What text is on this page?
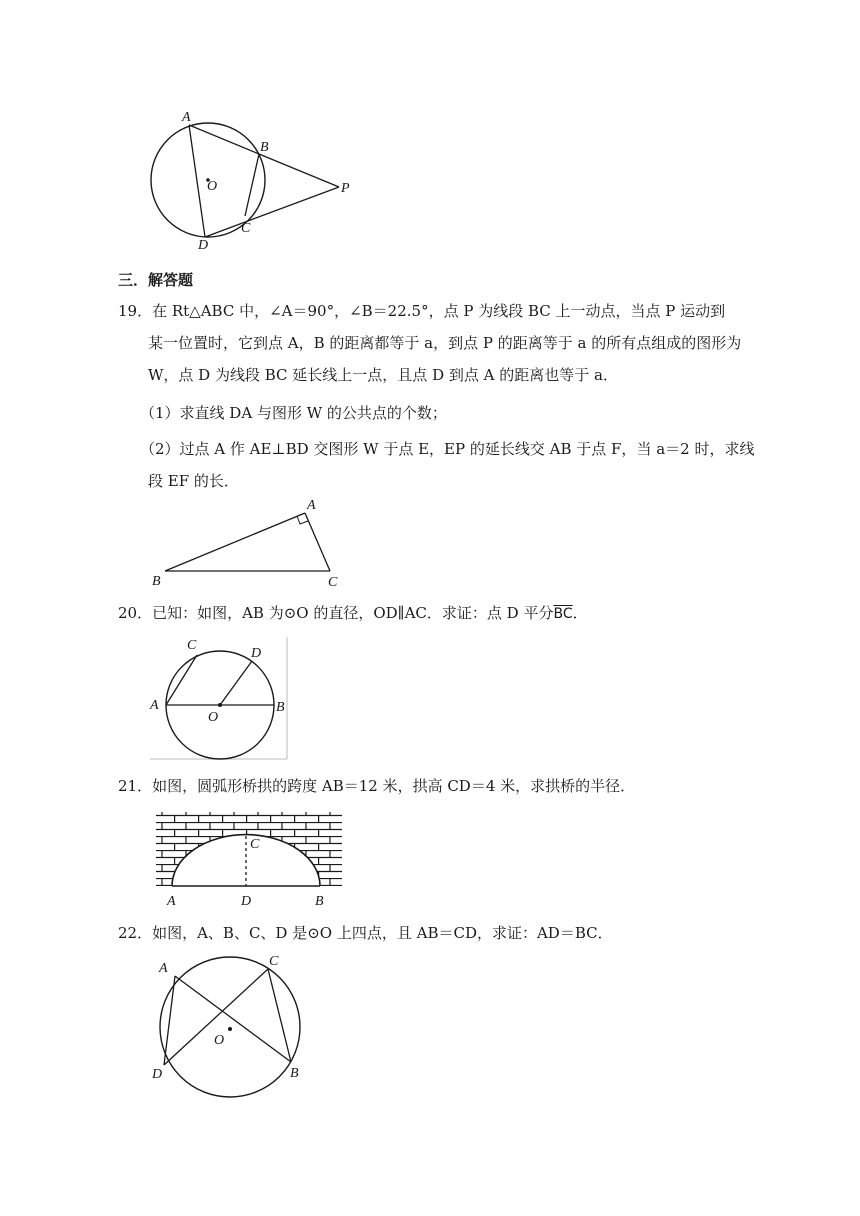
A
B
O	P
C
D
三．解答题
19．在 Rt△ABC 中，∠A＝90°，∠B＝22.5°，点 P 为线段 BC 上一动点，当点 P 运动到
某一位置时，它到点 A，B 的距离都等于 a，到点 P 的距离等于 a 的所有点组成的图形为
W，点 D 为线段 BC 延长线上一点，且点 D 到点 A 的距离也等于 a．
（1）求直线 DA 与图形 W 的公共点的个数；
（2）过点 A 作 AE⊥BD 交图形 W 于点 E，EP 的延长线交 AB 于点 F，当 a＝2 时，求线
段 EF 的长．
A
B	C
20．已知：如图，AB 为⊙O 的直径，OD∥AC．求证：点 D 平分$\overline{BC}$．
C
D
A	B
O
21．如图，圆弧形桥拱的跨度 AB＝12 米，拱高 CD＝4 米，求拱桥的半径．
C
A	D	B
22．如图，A、B、C、D 是⊙O 上四点，且 AB＝CD，求证：AD＝BC．
A	C
O
D	B
